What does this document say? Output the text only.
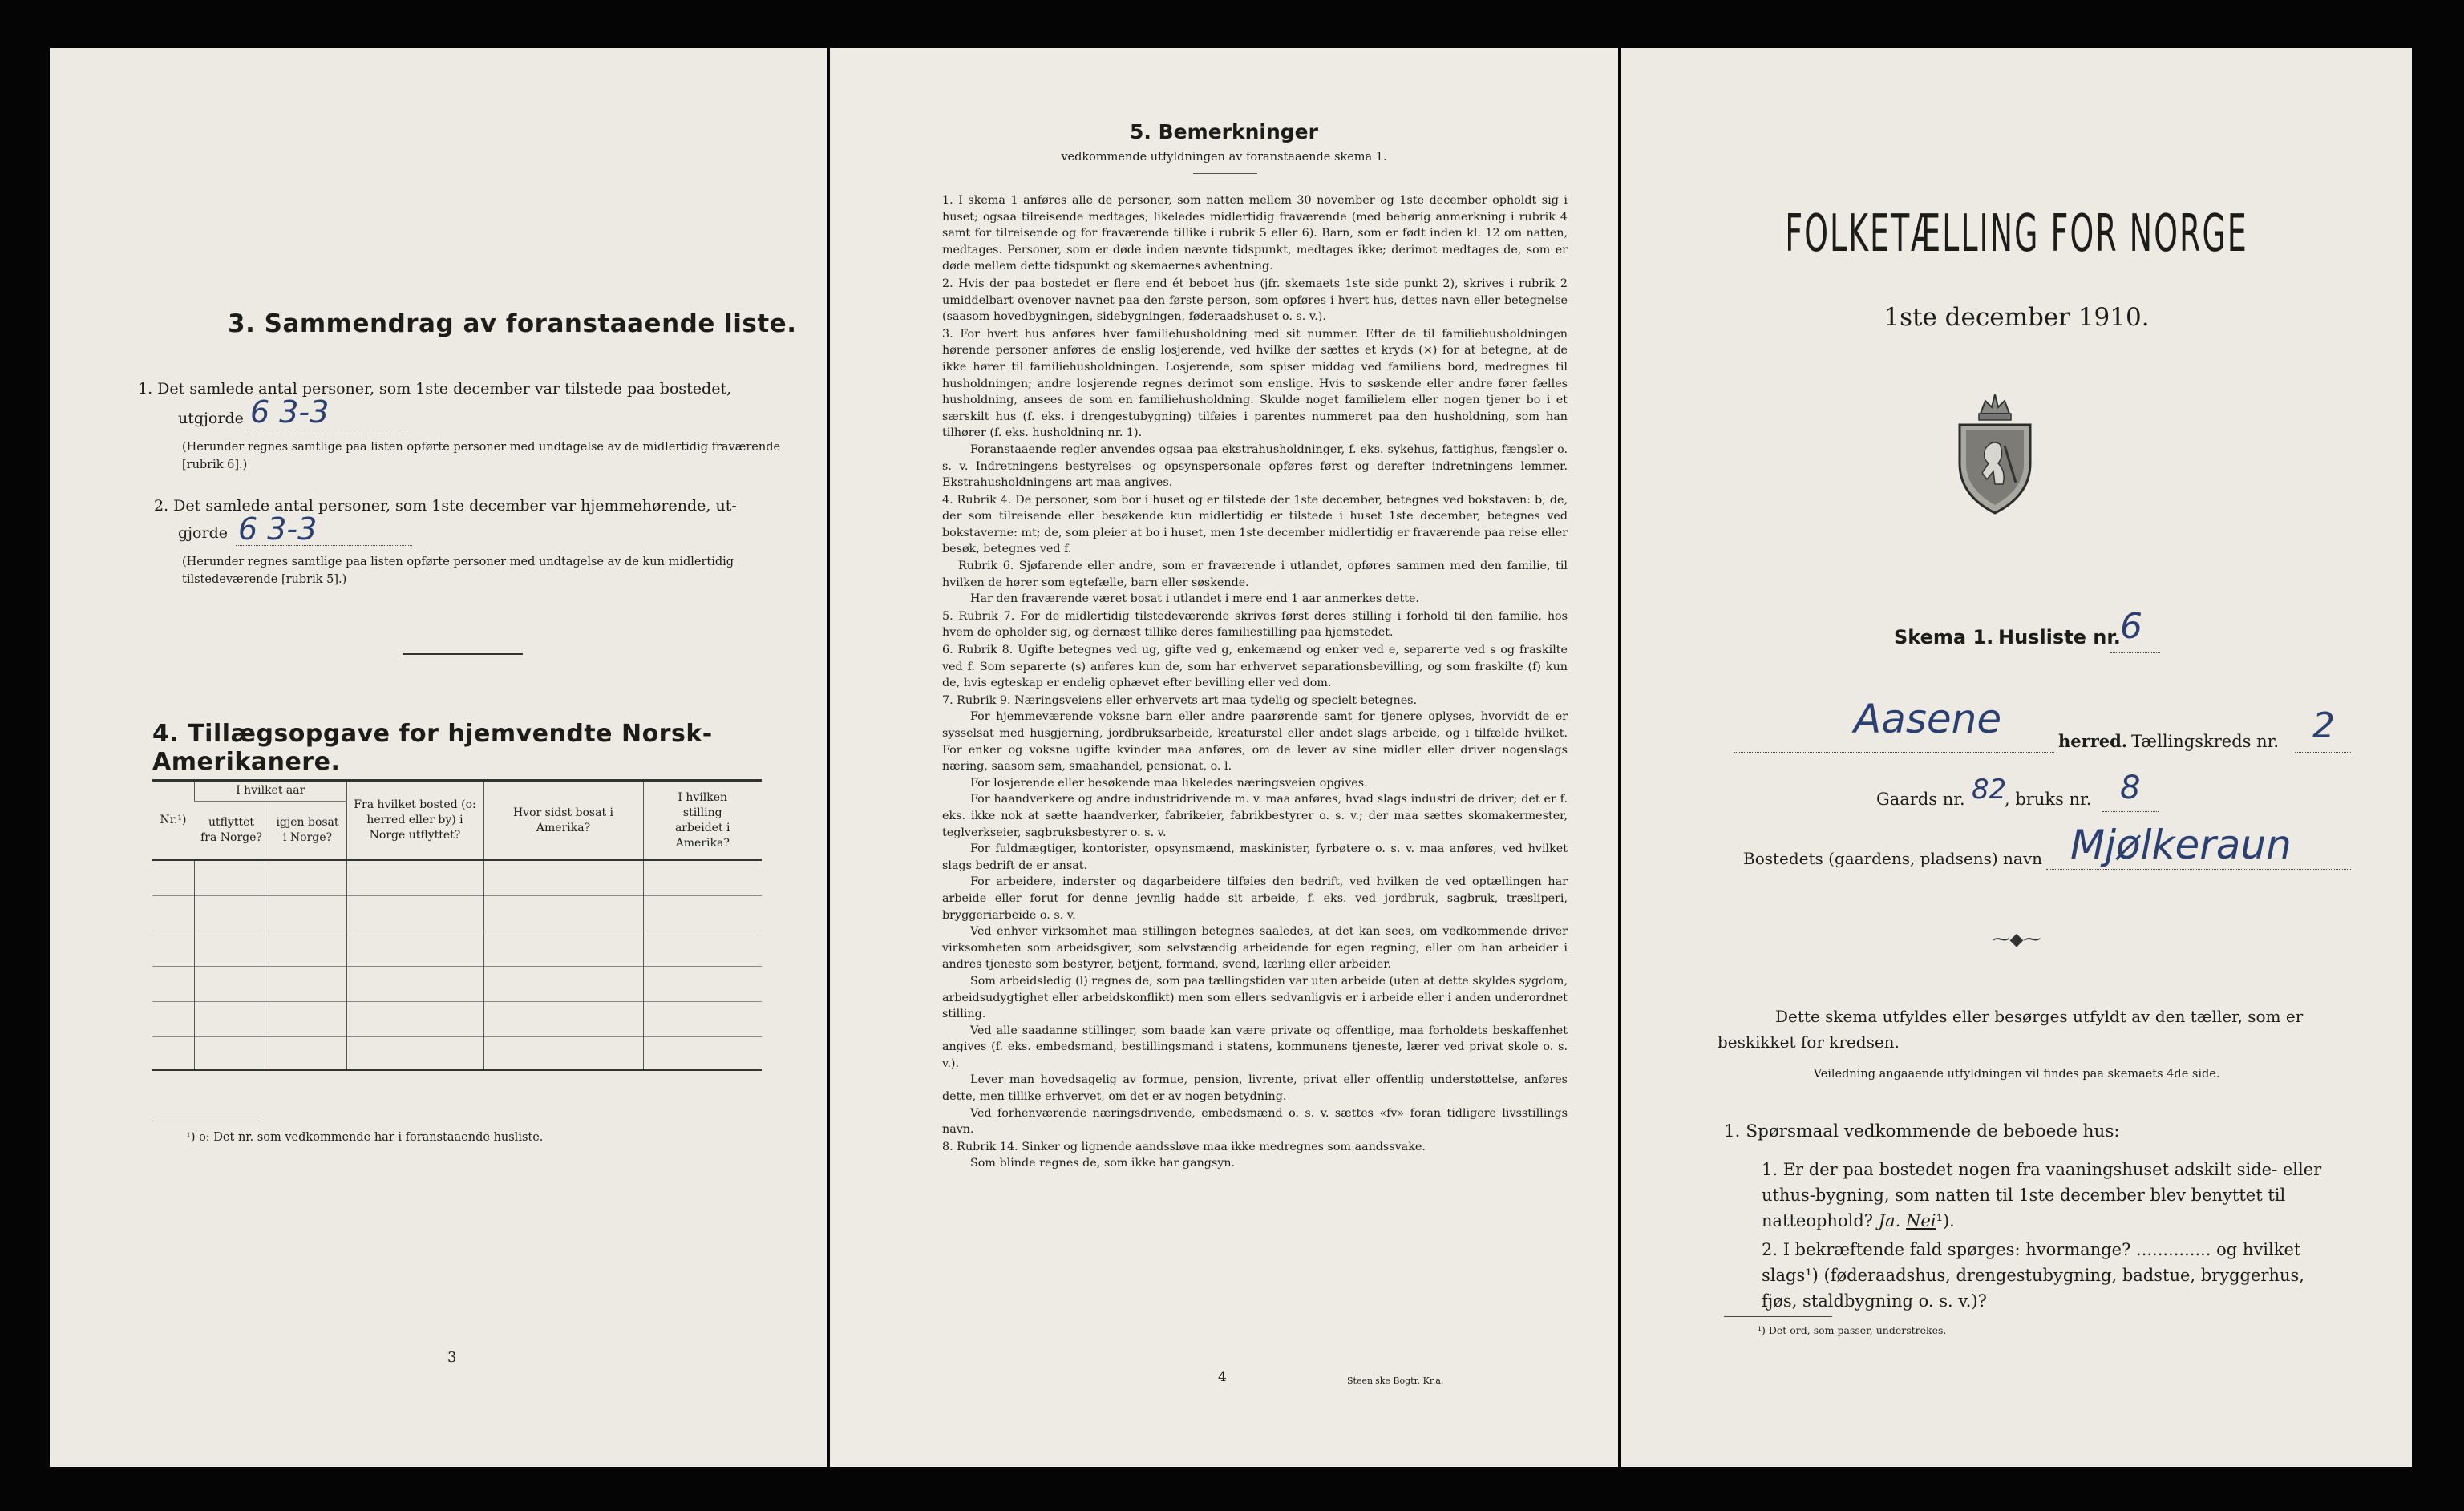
3. Sammendrag av foranstaaende liste.
1. Det samlede antal personer, som 1ste december var tilstede paa bostedet,
utgjorde 6 3-3
(Herunder regnes samtlige paa listen opførte personer med undtagelse av de midlertidig fraværende [rubrik 6].)
2. Det samlede antal personer, som 1ste december var hjemmehørende, ut-
gjorde 6 3-3
(Herunder regnes samtlige paa listen opførte personer med undtagelse av de kun midlertidig tilstedeværende [rubrik 5].)
4. Tillægsopgave for hjemvendte Norsk-Amerikanere.
Nr.¹)	I hvilket aar		Fra hvilket bosted (o: herred eller by) i Norge utflyttet?	Hvor sidst bosat i Amerika?	I hvilken stilling arbeidet i Amerika?
	utflyttet fra Norge?	igjen bosat i Norge?			

¹) o: Det nr. som vedkommende har i foranstaaende husliste.
3
5. Bemerkninger
vedkommende utfyldningen av foranstaaende skema 1.

1. I skema 1 anføres alle de personer, som natten mellem 30 november og 1ste december opholdt sig i huset; ogsaa tilreisende medtages; likeledes midlertidig fraværende (med behørig anmerkning i rubrik 4 samt for tilreisende og for fraværende tillike i rubrik 5 eller 6). Barn, som er født inden kl. 12 om natten, medtages. Personer, som er døde inden nævnte tidspunkt, medtages ikke; derimot medtages de, som er døde mellem dette tidspunkt og skemaernes avhentning.

2. Hvis der paa bostedet er flere end ét beboet hus (jfr. skemaets 1ste side punkt 2), skrives i rubrik 2 umiddelbart ovenover navnet paa den første person, som opføres i hvert hus, dettes navn eller betegnelse (saasom hovedbygningen, sidebygningen, føderaadshuset o. s. v.).

3. For hvert hus anføres hver familiehusholdning med sit nummer. Efter de til familiehusholdningen hørende personer anføres de enslig losjerende, ved hvilke der sættes et kryds (×) for at betegne, at de ikke hører til familiehusholdningen. Losjerende, som spiser middag ved familiens bord, medregnes til husholdningen; andre losjerende regnes derimot som enslige. Hvis to søskende eller andre fører fælles husholdning, ansees de som en familiehusholdning. Skulde noget familielem eller nogen tjener bo i et særskilt hus (f. eks. i drengestubygning) tilføies i parentes nummeret paa den husholdning, som han tilhører (f. eks. husholdning nr. 1).

Foranstaaende regler anvendes ogsaa paa ekstrahusholdninger, f. eks. sykehus, fattighus, fængsler o. s. v. Indretningens bestyrelses- og opsynspersonale opføres først og derefter indretningens lemmer. Ekstrahusholdningens art maa angives.

4. Rubrik 4. De personer, som bor i huset og er tilstede der 1ste december, betegnes ved bokstaven: b; de, der som tilreisende eller besøkende kun midlertidig er tilstede i huset 1ste december, betegnes ved bokstaverne: mt; de, som pleier at bo i huset, men 1ste december midlertidig er fraværende paa reise eller besøk, betegnes ved f.

Rubrik 6. Sjøfarende eller andre, som er fraværende i utlandet, opføres sammen med den familie, til hvilken de hører som egtefælle, barn eller søskende.

Har den fraværende været bosat i utlandet i mere end 1 aar anmerkes dette.

5. Rubrik 7. For de midlertidig tilstedeværende skrives først deres stilling i forhold til den familie, hos hvem de opholder sig, og dernæst tillike deres familiestilling paa hjemstedet.

6. Rubrik 8. Ugifte betegnes ved ug, gifte ved g, enkemænd og enker ved e, separerte ved s og fraskilte ved f. Som separerte (s) anføres kun de, som har erhvervet separationsbevilling, og som fraskilte (f) kun de, hvis egteskap er endelig ophævet efter bevilling eller ved dom.

7. Rubrik 9. Næringsveiens eller erhvervets art maa tydelig og specielt betegnes.

For hjemmeværende voksne barn eller andre paarørende samt for tjenere oplyses, hvorvidt de er sysselsat med husgjerning, jordbruksarbeide, kreaturstel eller andet slags arbeide, og i tilfælde hvilket. For enker og voksne ugifte kvinder maa anføres, om de lever av sine midler eller driver nogenslags næring, saasom søm, smaahandel, pensionat, o. l.

For losjerende eller besøkende maa likeledes næringsveien opgives.

For haandverkere og andre industridrivende m. v. maa anføres, hvad slags industri de driver; det er f. eks. ikke nok at sætte haandverker, fabrikeier, fabrikbestyrer o. s. v.; der maa sættes skomakermester, teglverkseier, sagbruksbestyrer o. s. v.

For fuldmægtiger, kontorister, opsynsmænd, maskinister, fyrbøtere o. s. v. maa anføres, ved hvilket slags bedrift de er ansat.

For arbeidere, inderster og dagarbeidere tilføies den bedrift, ved hvilken de ved optællingen har arbeide eller forut for denne jevnlig hadde sit arbeide, f. eks. ved jordbruk, sagbruk, træsliperi, bryggeriarbeide o. s. v.

Ved enhver virksomhet maa stillingen betegnes saaledes, at det kan sees, om vedkommende driver virksomheten som arbeidsgiver, som selvstændig arbeidende for egen regning, eller om han arbeider i andres tjeneste som bestyrer, betjent, formand, svend, lærling eller arbeider.

Som arbeidsledig (l) regnes de, som paa tællingstiden var uten arbeide (uten at dette skyldes sygdom, arbeidsudygtighet eller arbeidskonflikt) men som ellers sedvanligvis er i arbeide eller i anden underordnet stilling.

Ved alle saadanne stillinger, som baade kan være private og offentlige, maa forholdets beskaffenhet angives (f. eks. embedsmand, bestillingsmand i statens, kommunens tjeneste, lærer ved privat skole o. s. v.).

Lever man hovedsagelig av formue, pension, livrente, privat eller offentlig understøttelse, anføres dette, men tillike erhvervet, om det er av nogen betydning.

Ved forhenværende næringsdrivende, embedsmænd o. s. v. sættes «fv» foran tidligere livsstillings navn.

8. Rubrik 14. Sinker og lignende aandssløve maa ikke medregnes som aandssvake.

Som blinde regnes de, som ikke har gangsyn.

4	Steen'ske Bogtr. Kr.a.
FOLKETÆLLING FOR NORGE
1ste december 1910.
Skema 1. Husliste nr. 6
Aasene	herred. Tællingskreds nr. 2
Gaards nr. 82
, bruks nr. 8
Bostedets (gaardens, pladsens) navn Mjølkeraun
⁓◆⁓
Dette skema utfyldes eller besørges utfyldt av den tæller, som er beskikket for kredsen.
Veiledning angaaende utfyldningen vil findes paa skemaets 4de side.
1. Spørsmaal vedkommende de beboede hus:
1. Er der paa bostedet nogen fra vaaningshuset adskilt side- eller uthus-bygning, som natten til 1ste december blev benyttet til natteophold? Ja. Nei¹).
2. I bekræftende fald spørges: hvormange? .............. og hvilket slags¹) (føderaadshus, drengestubygning, badstue, bryggerhus, fjøs, staldbygning o. s. v.)?
¹) Det ord, som passer, understrekes.
